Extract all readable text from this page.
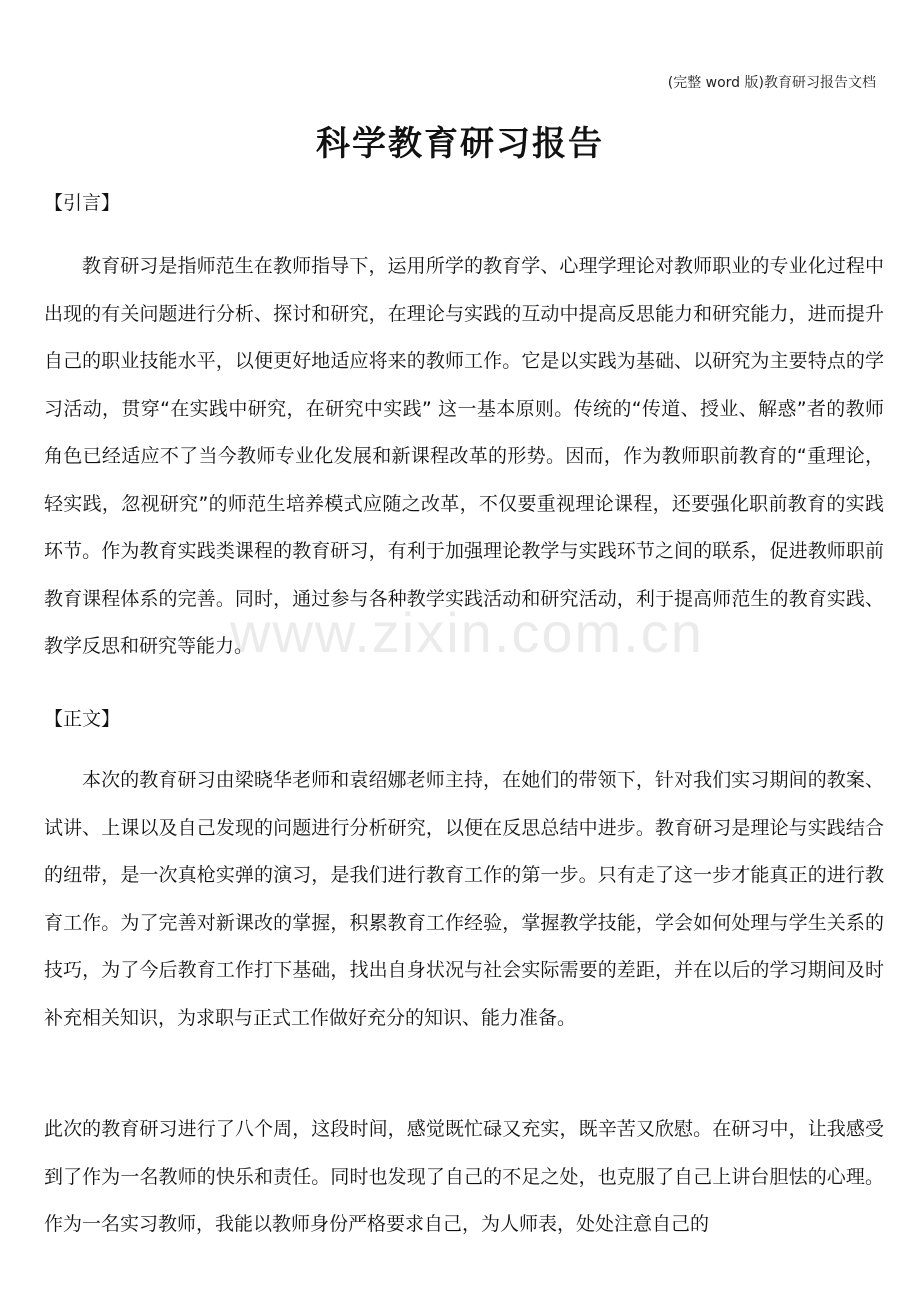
(完整 word 版)教育研习报告文档
科学教育研习报告

【引言】

教育研习是指师范生在教师指导下，运用所学的教育学、心理学理论对教师职业的专业化过程中出现的有关问题进行分析、探讨和研究，在理论与实践的互动中提高反思能力和研究能力，进而提升自己的职业技能水平，以便更好地适应将来的教师工作。它是以实践为基础、以研究为主要特点的学习活动，贯穿“在实践中研究，在研究中实践” 这一基本原则。传统的“传道、授业、解惑”者的教师角色已经适应不了当今教师专业化发展和新课程改革的形势。因而，作为教师职前教育的“重理论，轻实践，忽视研究”的师范生培养模式应随之改革，不仅要重视理论课程，还要强化职前教育的实践环节。作为教育实践类课程的教育研习，有利于加强理论教学与实践环节之间的联系，促进教师职前教育课程体系的完善。同时，通过参与各种教学实践活动和研究活动，利于提高师范生的教育实践、教学反思和研究等能力。

www.zixin.com.cn

【正文】

本次的教育研习由梁晓华老师和袁绍娜老师主持，在她们的带领下，针对我们实习期间的教案、试讲、上课以及自己发现的问题进行分析研究，以便在反思总结中进步。教育研习是理论与实践结合的纽带，是一次真枪实弹的演习，是我们进行教育工作的第一步。只有走了这一步才能真正的进行教育工作。为了完善对新课改的掌握，积累教育工作经验，掌握教学技能，学会如何处理与学生关系的技巧，为了今后教育工作打下基础，找出自身状况与社会实际需要的差距，并在以后的学习期间及时补充相关知识，为求职与正式工作做好充分的知识、能力准备。

此次的教育研习进行了八个周，这段时间，感觉既忙碌又充实，既辛苦又欣慰。在研习中，让我感受到了作为一名教师的快乐和责任。同时也发现了自己的不足之处，也克服了自己上讲台胆怯的心理。作为一名实习教师，我能以教师身份严格要求自己，为人师表，处处注意自己的
